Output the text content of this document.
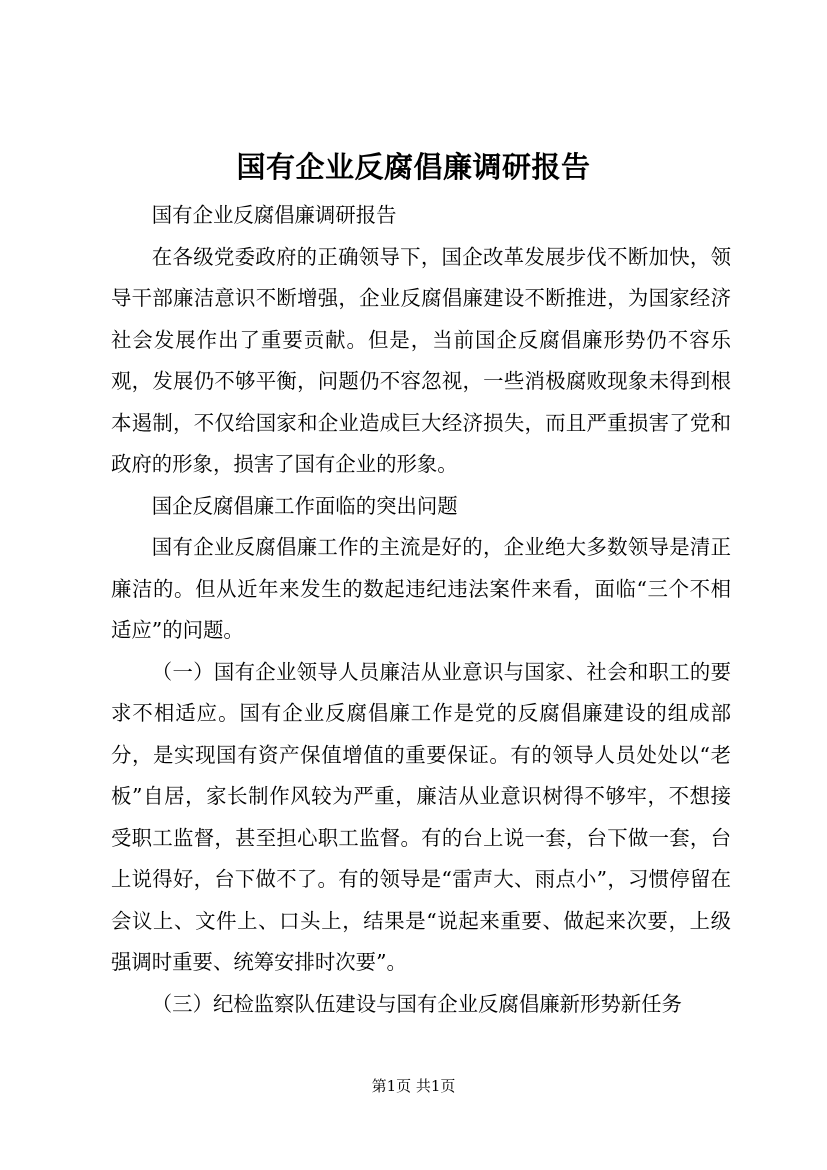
国有企业反腐倡廉调研报告

国有企业反腐倡廉调研报告

在各级党委政府的正确领导下，国企改革发展步伐不断加快，领导干部廉洁意识不断增强，企业反腐倡廉建设不断推进，为国家经济社会发展作出了重要贡献。但是，当前国企反腐倡廉形势仍不容乐观，发展仍不够平衡，问题仍不容忽视，一些消极腐败现象未得到根本遏制，不仅给国家和企业造成巨大经济损失，而且严重损害了党和政府的形象，损害了国有企业的形象。

国企反腐倡廉工作面临的突出问题

国有企业反腐倡廉工作的主流是好的，企业绝大多数领导是清正廉洁的。但从近年来发生的数起违纪违法案件来看，面临“三个不相适应”的问题。

（一）国有企业领导人员廉洁从业意识与国家、社会和职工的要求不相适应。国有企业反腐倡廉工作是党的反腐倡廉建设的组成部分，是实现国有资产保值增值的重要保证。有的领导人员处处以“老板”自居，家长制作风较为严重，廉洁从业意识树得不够牢，不想接受职工监督，甚至担心职工监督。有的台上说一套，台下做一套，台上说得好，台下做不了。有的领导是“雷声大、雨点小”，习惯停留在会议上、文件上、口头上，结果是“说起来重要、做起来次要，上级强调时重要、统筹安排时次要”。

（三）纪检监察队伍建设与国有企业反腐倡廉新形势新任务

第1页 共1页
